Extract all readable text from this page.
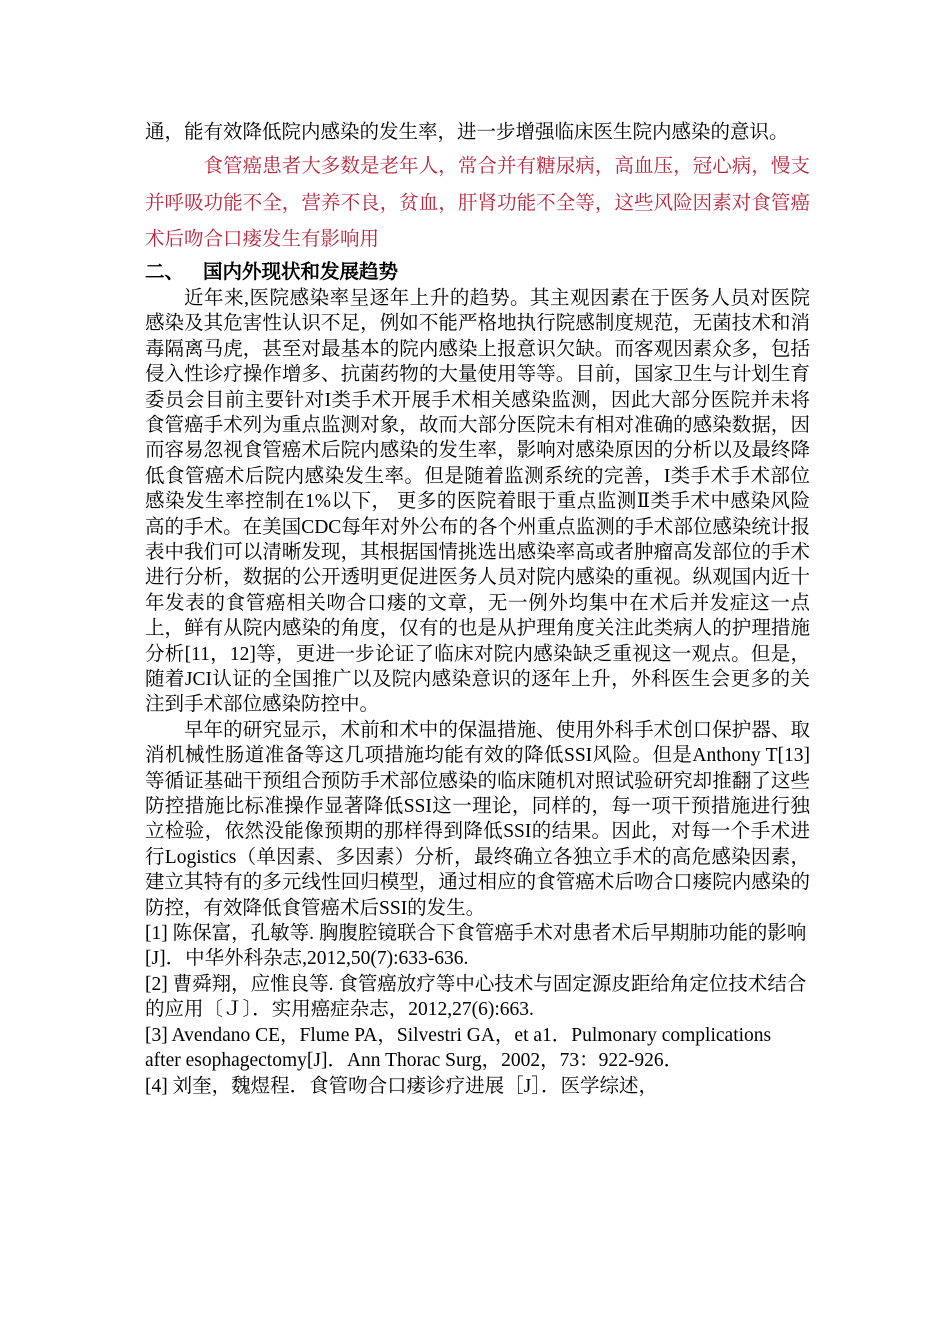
通，能有效降低院内感染的发生率，进一步增强临床医生院内感染的意识。

食管癌患者大多数是老年人，常合并有糖尿病，高血压，冠心病，慢支并呼吸功能不全，营养不良，贫血，肝肾功能不全等，这些风险因素对食管癌术后吻合口瘘发生有影响用

二、 国内外现状和发展趋势

近年来,医院感染率呈逐年上升的趋势。其主观因素在于医务人员对医院感染及其危害性认识不足，例如不能严格地执行院感制度规范，无菌技术和消毒隔离马虎，甚至对最基本的院内感染上报意识欠缺。而客观因素众多，包括侵入性诊疗操作增多、抗菌药物的大量使用等等。目前，国家卫生与计划生育委员会目前主要针对I类手术开展手术相关感染监测，因此大部分医院并未将食管癌手术列为重点监测对象，故而大部分医院未有相对准确的感染数据，因而容易忽视食管癌术后院内感染的发生率，影响对感染原因的分析以及最终降低食管癌术后院内感染发生率。但是随着监测系统的完善，I类手术手术部位感染发生率控制在1%以下， 更多的医院着眼于重点监测Ⅱ类手术中感染风险高的手术。在美国CDC每年对外公布的各个州重点监测的手术部位感染统计报表中我们可以清晰发现，其根据国情挑选出感染率高或者肿瘤高发部位的手术进行分析，数据的公开透明更促进医务人员对院内感染的重视。纵观国内近十年发表的食管癌相关吻合口瘘的文章，无一例外均集中在术后并发症这一点上，鲜有从院内感染的角度，仅有的也是从护理角度关注此类病人的护理措施分析[11，12]等，更进一步论证了临床对院内感染缺乏重视这一观点。但是，随着JCI认证的全国推广以及院内感染意识的逐年上升，外科医生会更多的关注到手术部位感染防控中。

早年的研究显示，术前和术中的保温措施、使用外科手术创口保护器、取消机械性肠道准备等这几项措施均能有效的降低SSI风险。但是Anthony T[13]等循证基础干预组合预防手术部位感染的临床随机对照试验研究却推翻了这些防控措施比标准操作显著降低SSI这一理论，同样的，每一项干预措施进行独立检验，依然没能像预期的那样得到降低SSI的结果。因此，对每一个手术进行Logistics（单因素、多因素）分析，最终确立各独立手术的高危感染因素，建立其特有的多元线性回归模型，通过相应的食管癌术后吻合口瘘院内感染的防控，有效降低食管癌术后SSI的发生。

[1] 陈保富，孔敏等. 胸腹腔镜联合下食管癌手术对患者术后早期肺功能的影响[J]．中华外科杂志,2012,50(7):633-636.

[2] 曹舜翔，应惟良等. 食管癌放疗等中心技术与固定源皮距给角定位技术结合的应用〔Ｊ〕．实用癌症杂志，2012,27(6):663.

[3] Avendano CE，Flume PA，Silvestri GA，et a1．Pulmonary complications after esophagectomy[J]．Ann Thorac Surg，2002，73：922-926．

[4] 刘奎，魏煜程．食管吻合口瘘诊疗进展［J］．医学综述，
